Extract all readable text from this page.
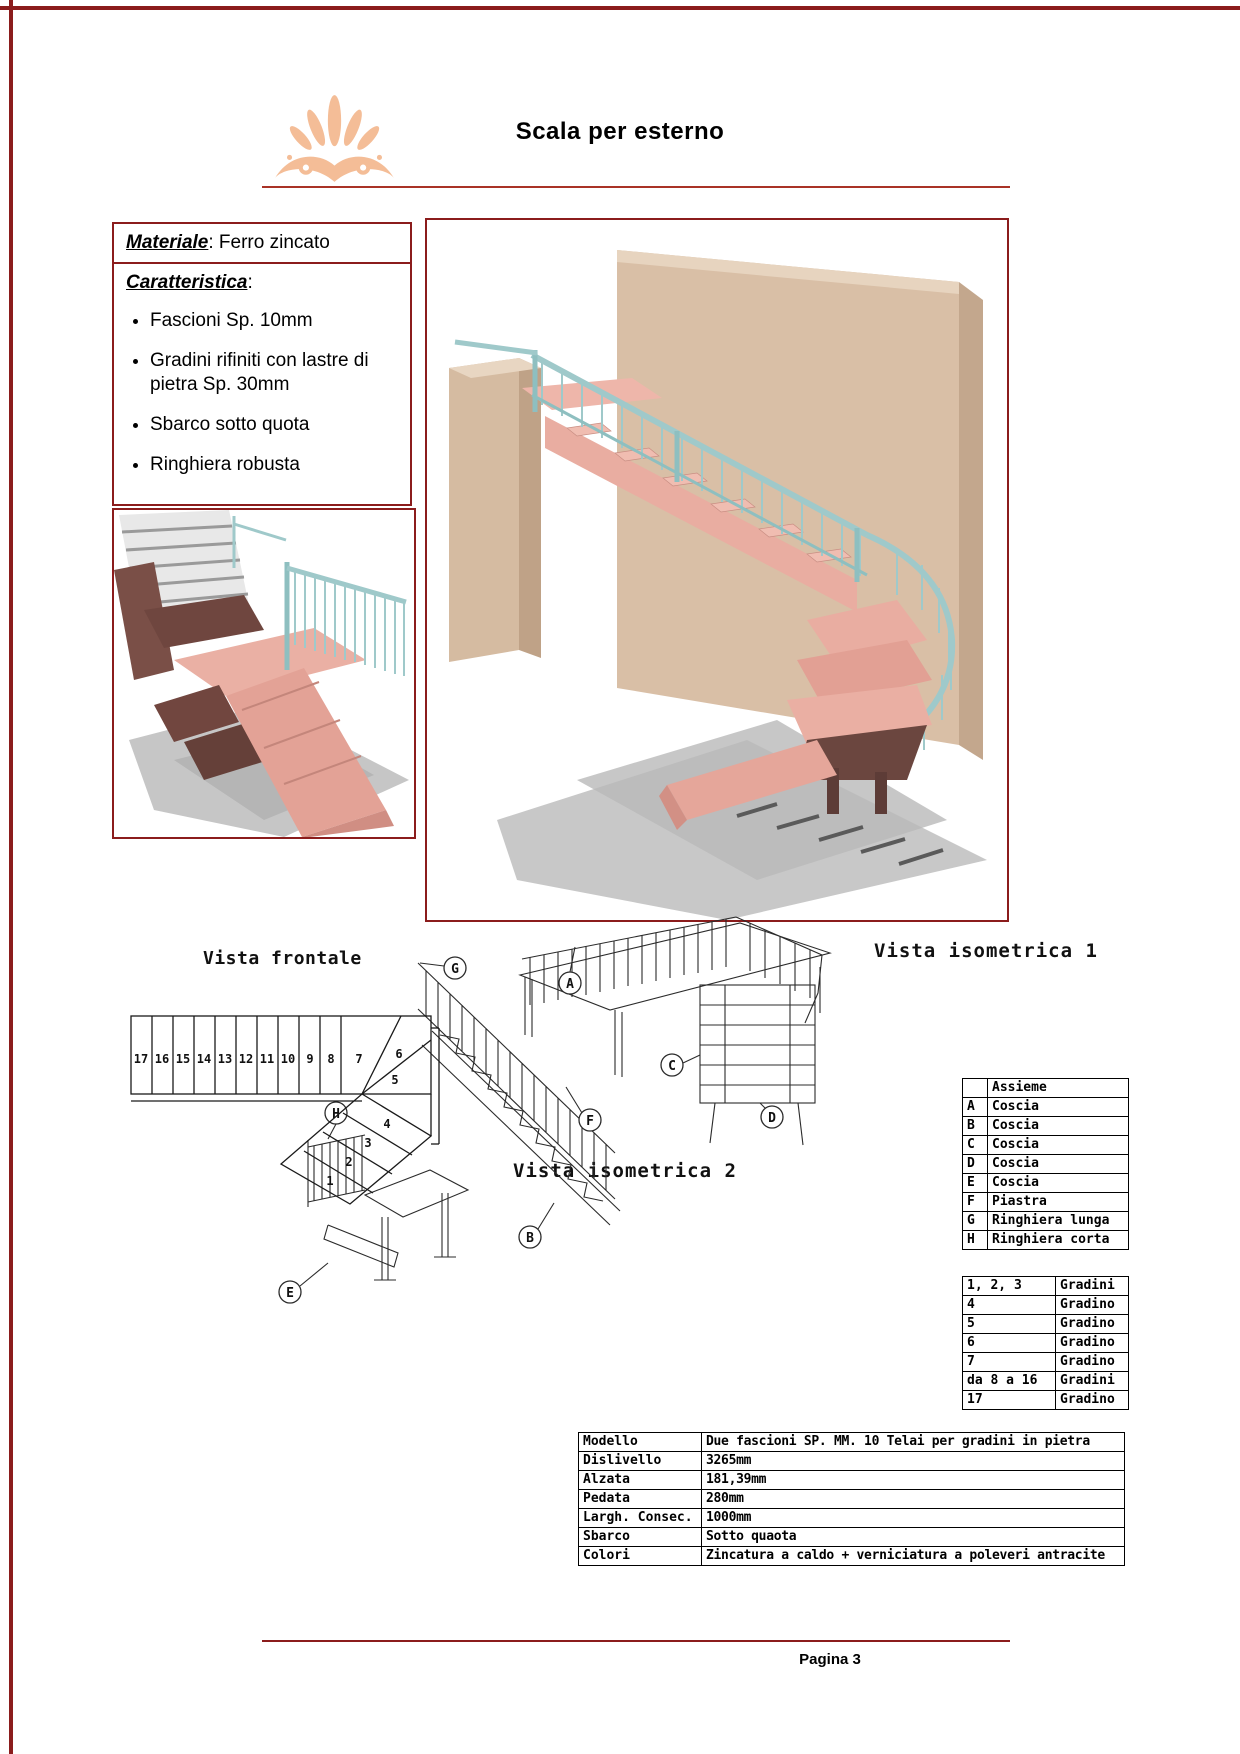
Scala per esterno
Materiale: Ferro zincato
Caratteristica:
• Fascioni Sp. 10mm
• Gradini rifiniti con lastre di pietra Sp. 30mm
• Sbarco sotto quota
• Ringhiera robusta
Vista frontale	Vista isometrica 1
Vista isometrica 2
G
A
C
D
F
H
B
E
17 16 15 14 13 12 11 10 9 8 7	6
5
4
3
2
1
	Assieme
A	Coscia
B	Coscia
C	Coscia
D	Coscia
E	Coscia
F	Piastra
G	Ringhiera lunga
H	Ringhiera corta
1, 2, 3	Gradini
4	Gradino
5	Gradino
6	Gradino
7	Gradino
da 8 a 16	Gradini
17	Gradino
Modello	Due fascioni SP. MM. 10 Telai per gradini in pietra
Dislivello	3265mm
Alzata	181,39mm
Pedata	280mm
Largh. Consec.	1000mm
Sbarco	Sotto quaota
Colori	Zincatura a caldo + verniciatura a poleveri antracite
Pagina 3
